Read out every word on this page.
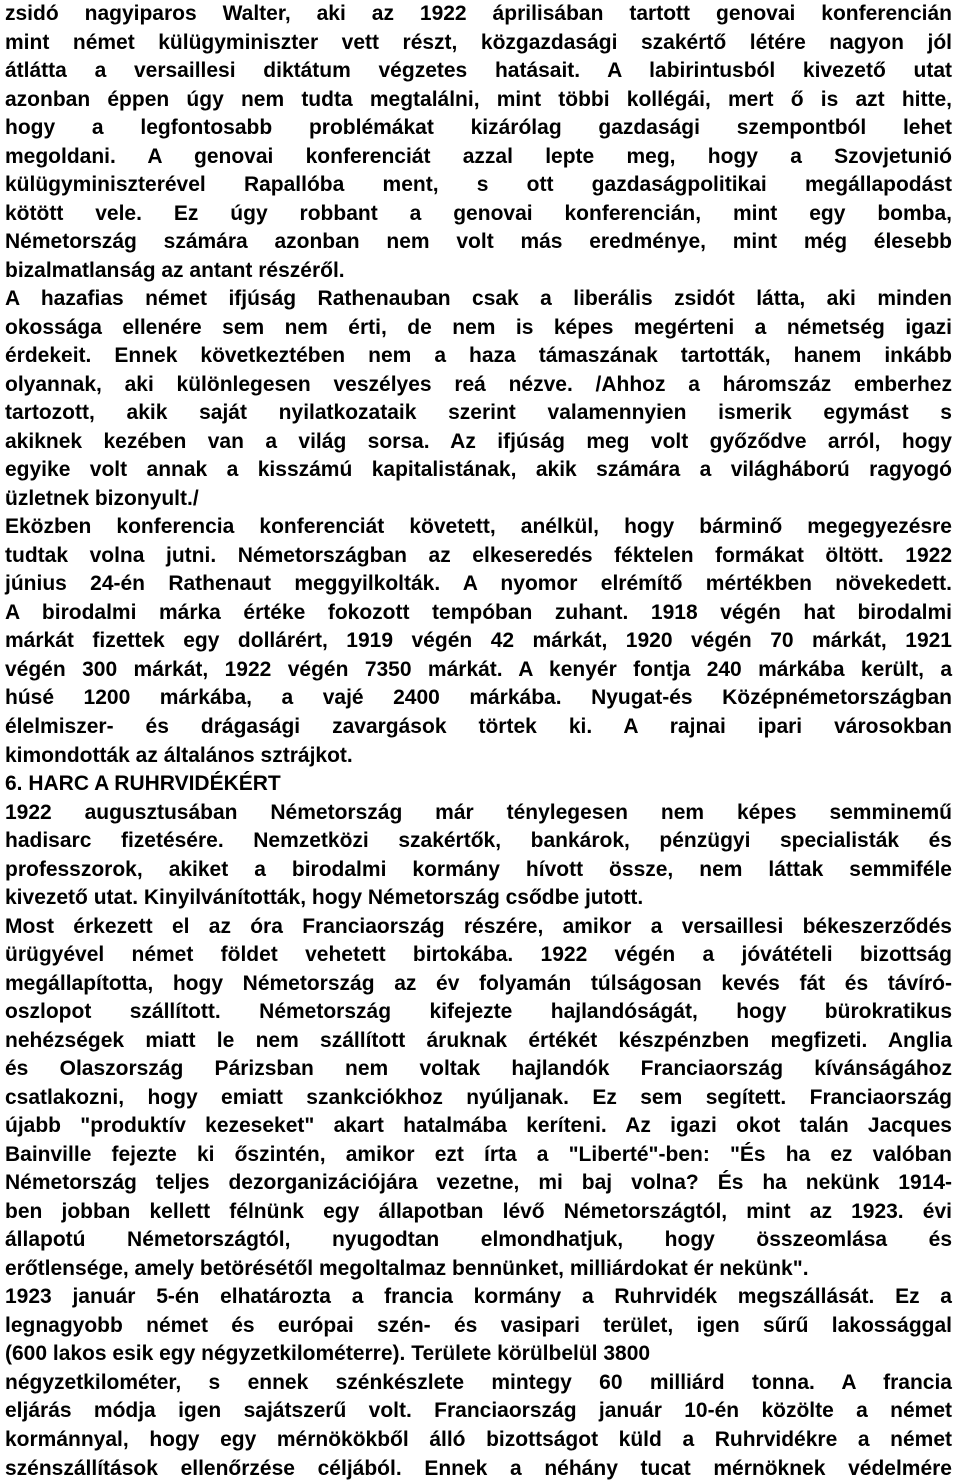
zsidó nagyiparos Walter, aki az 1922 áprilisában tartott genovai konferencián
mint német külügyminiszter vett részt, közgazdasági szakértő létére nagyon jól
átlátta a versaillesi diktátum végzetes hatásait. A labirintusból kivezető utat
azonban éppen úgy nem tudta megtalálni, mint többi kollégái, mert ő is azt hitte,
hogy a legfontosabb problémákat kizárólag gazdasági szempontból lehet
megoldani. A genovai konferenciát azzal lepte meg, hogy a Szovjetunió
külügyminiszterével Rapallóba ment, s ott gazdaságpolitikai megállapodást
kötött vele. Ez úgy robbant a genovai konferencián, mint egy bomba,
Németország számára azonban nem volt más eredménye, mint még élesebb
bizalmatlanság az antant részéről.
A hazafias német ifjúság Rathenauban csak a liberális zsidót látta, aki minden
okossága ellenére sem nem érti, de nem is képes megérteni a németség igazi
érdekeit. Ennek következtében nem a haza támaszának tartották, hanem inkább
olyannak, aki különlegesen veszélyes reá nézve. /Ahhoz a háromszáz emberhez
tartozott, akik saját nyilatkozataik szerint valamennyien ismerik egymást s
akiknek kezében van a világ sorsa. Az ifjúság meg volt győződve arról, hogy
egyike volt annak a kisszámú kapitalistának, akik számára a világháború ragyogó
üzletnek bizonyult./
Eközben konferencia konferenciát követett, anélkül, hogy bárminő megegyezésre
tudtak volna jutni. Németországban az elkeseredés féktelen formákat öltött. 1922
június 24-én Rathenaut meggyilkolták. A nyomor elrémítő mértékben növekedett.
A birodalmi márka értéke fokozott tempóban zuhant. 1918 végén hat birodalmi
márkát fizettek egy dollárért, 1919 végén 42 márkát, 1920 végén 70 márkát, 1921
végén 300 márkát, 1922 végén 7350 márkát. A kenyér fontja 240 márkába került, a
húsé 1200 márkába, a vajé 2400 márkába. Nyugat-és Középnémetországban
élelmiszer- és drágasági zavargások törtek ki. A rajnai ipari városokban
kimondották az általános sztrájkot.
6. HARC A RUHRVIDÉKÉRT
1922 augusztusában Németország már ténylegesen nem képes semminemű
hadisarc fizetésére. Nemzetközi szakértők, bankárok, pénzügyi specialisták és
professzorok, akiket a birodalmi kormány hívott össze, nem láttak semmiféle
kivezető utat. Kinyilvánították, hogy Németország csődbe jutott.
Most érkezett el az óra Franciaország részére, amikor a versaillesi békeszerződés
ürügyével német földet vehetett birtokába. 1922 végén a jóvátételi bizottság
megállapította, hogy Németország az év folyamán túlságosan kevés fát és távíró-
oszlopot szállított. Németország kifejezte hajlandóságát, hogy bürokratikus
nehézségek miatt le nem szállított áruknak értékét készpénzben megfizeti. Anglia
és Olaszország Párizsban nem voltak hajlandók Franciaország kívánságához
csatlakozni, hogy emiatt szankciókhoz nyúljanak. Ez sem segített. Franciaország
újabb "produktív kezeseket" akart hatalmába keríteni. Az igazi okot talán Jacques
Bainville fejezte ki őszintén, amikor ezt írta a "Liberté"-ben: "És ha ez valóban
Németország teljes dezorganizációjára vezetne, mi baj volna? És ha nekünk 1914-
ben jobban kellett félnünk egy állapotban lévő Németországtól, mint az 1923. évi
állapotú Németországtól, nyugodtan elmondhatjuk, hogy összeomlása és
erőtlensége, amely betörésétől megoltalmaz bennünket, milliárdokat ér nekünk".
1923 január 5-én elhatározta a francia kormány a Ruhrvidék megszállását. Ez a
legnagyobb német és európai szén- és vasipari terület, igen sűrű lakossággal
(600 lakos esik egy négyzetkilométerre). Területe körülbelül 3800
négyzetkilométer, s ennek szénkészlete mintegy 60 milliárd tonna. A francia
eljárás módja igen sajátszerű volt. Franciaország január 10-én közölte a német
kormánnyal, hogy egy mérnökökből álló bizottságot küld a Ruhrvidékre a német
szénszállítások ellenőrzése céljából. Ennek a néhány tucat mérnöknek védelmére
